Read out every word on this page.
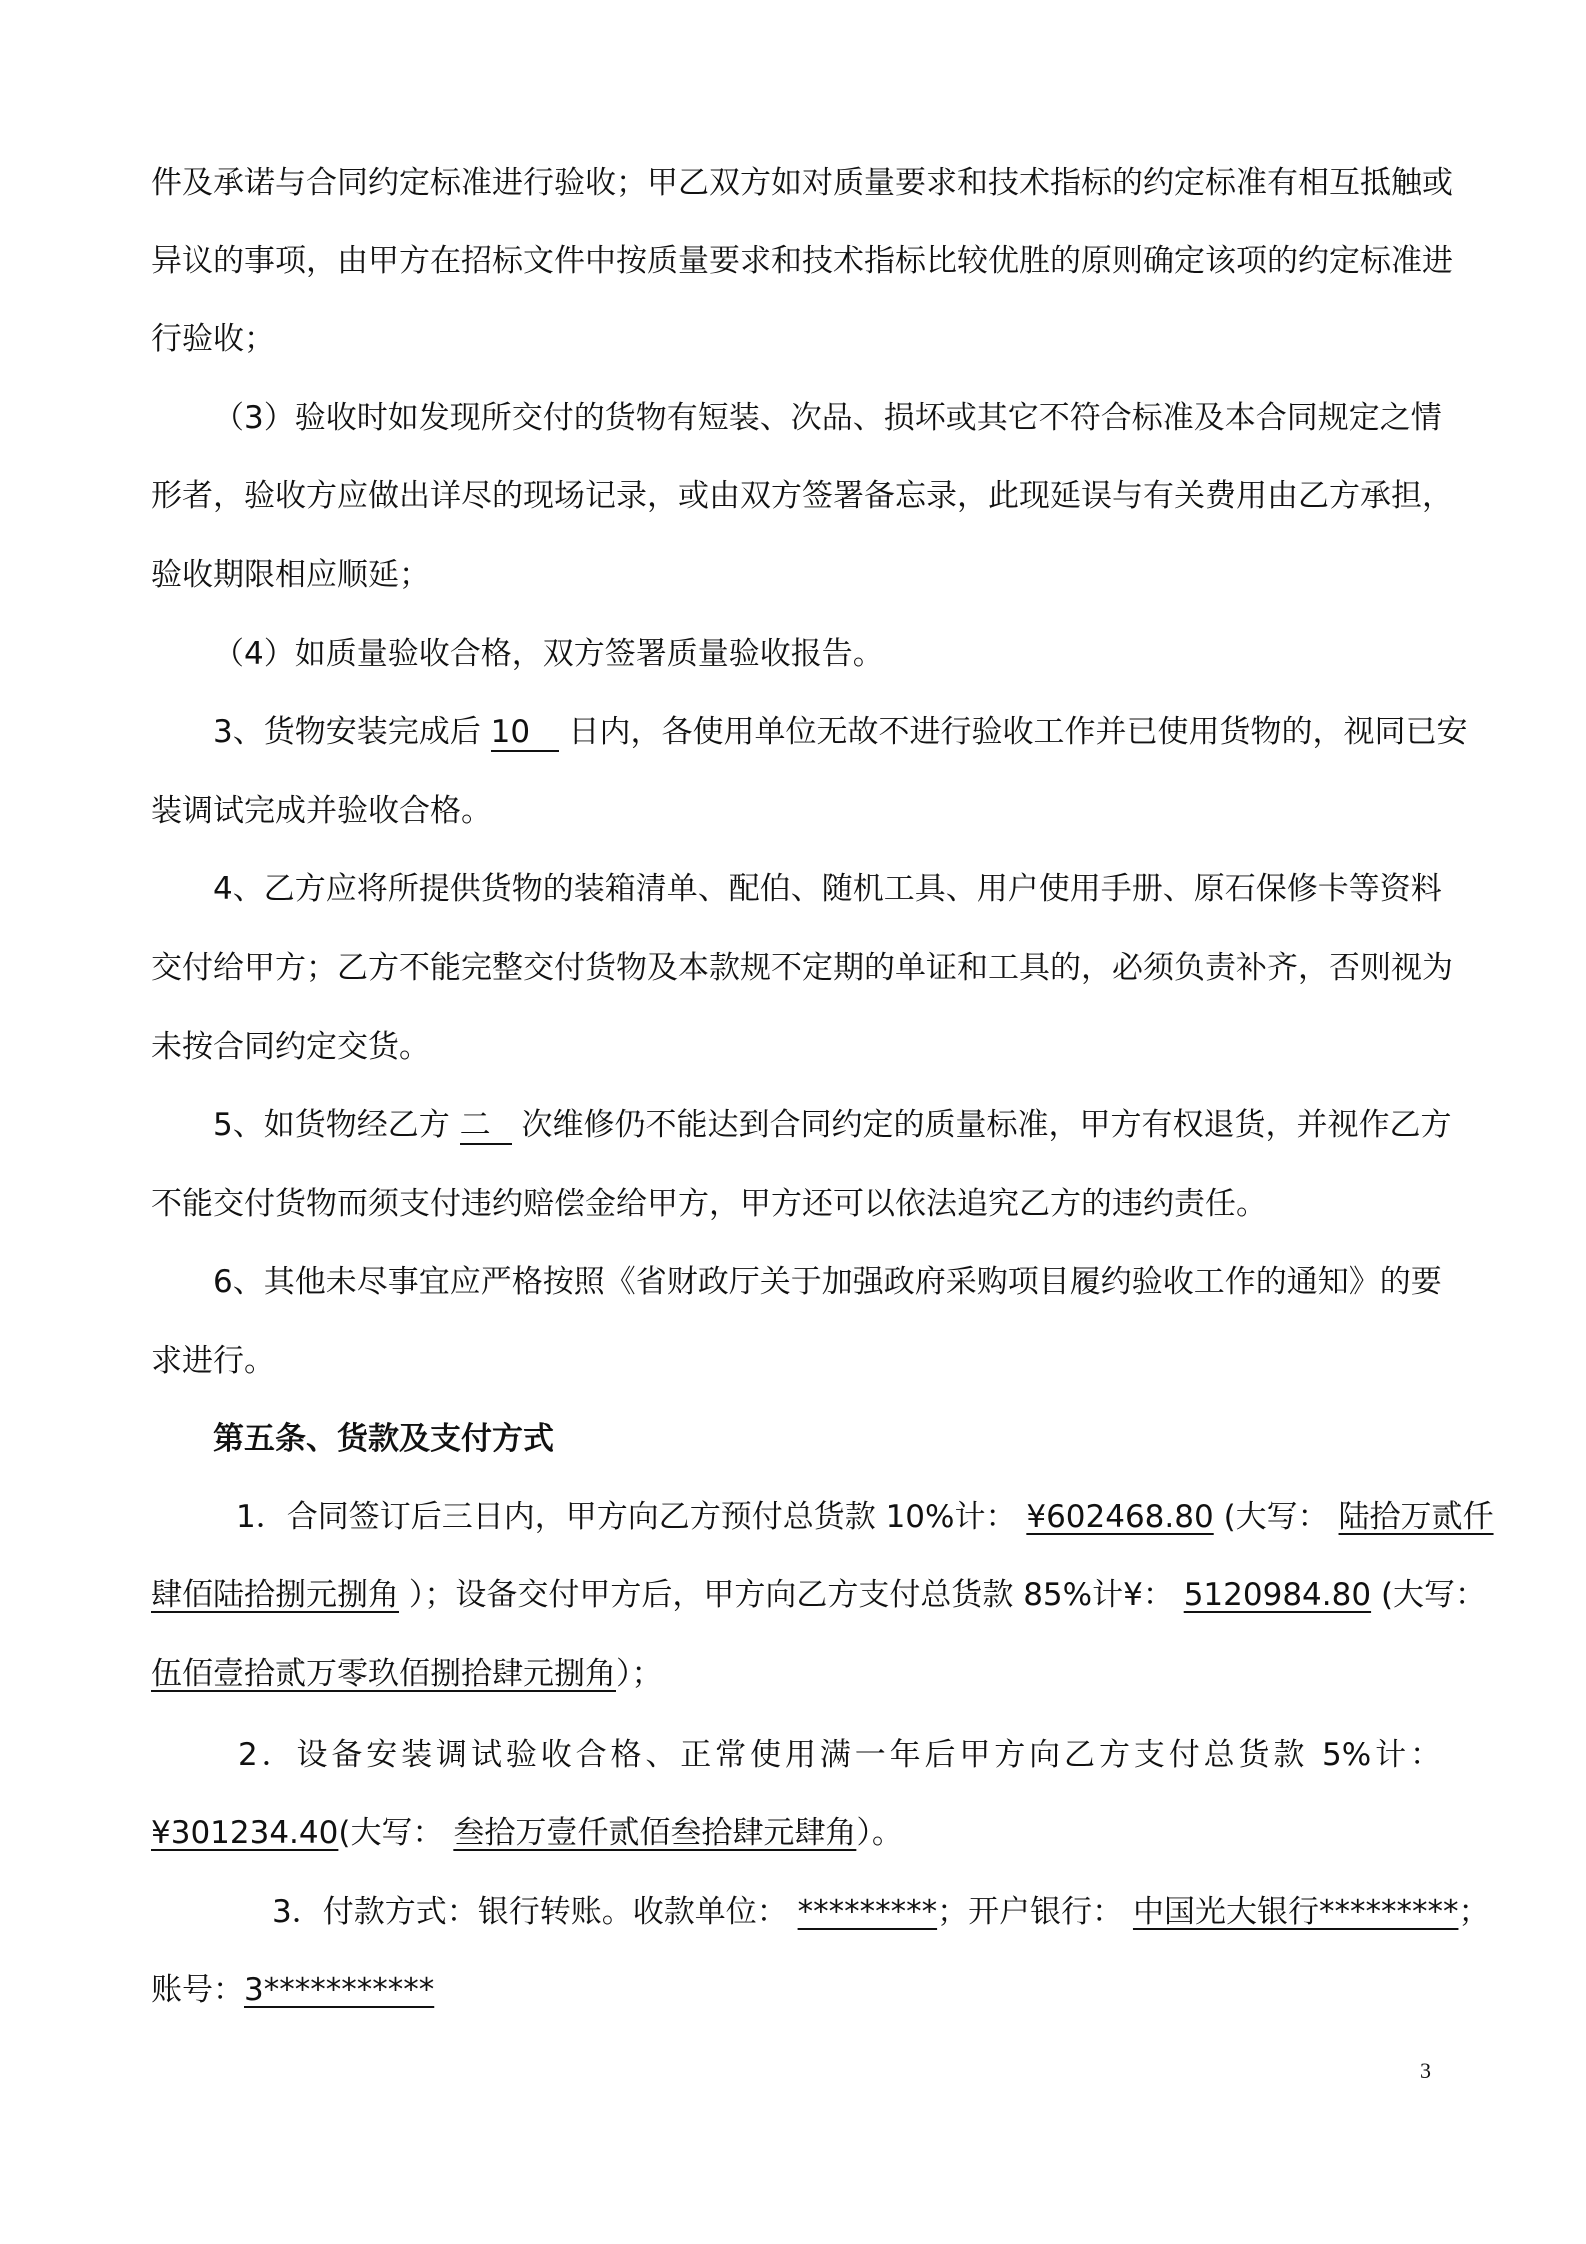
件及承诺与合同约定标准进行验收；甲乙双方如对质量要求和技术指标的约定标准有相互抵触或
异议的事项，由甲方在招标文件中按质量要求和技术指标比较优胜的原则确定该项的约定标准进
行验收；
（3）验收时如发现所交付的货物有短装、次品、损坏或其它不符合标准及本合同规定之情
形者，验收方应做出详尽的现场记录，或由双方签署备忘录，此现延误与有关费用由乙方承担，
验收期限相应顺延；
（4）如质量验收合格，双方签署质量验收报告。
3、货物安装完成后 10 日内，各使用单位无故不进行验收工作并已使用货物的，视同已安
装调试完成并验收合格。
4、乙方应将所提供货物的装箱清单、配伯、随机工具、用户使用手册、原石保修卡等资料
交付给甲方；乙方不能完整交付货物及本款规不定期的单证和工具的，必须负责补齐，否则视为
未按合同约定交货。
5、如货物经乙方 二 次维修仍不能达到合同约定的质量标准，甲方有权退货，并视作乙方
不能交付货物而须支付违约赔偿金给甲方，甲方还可以依法追究乙方的违约责任。
6、其他未尽事宜应严格按照《省财政厅关于加强政府采购项目履约验收工作的通知》的要
求进行。
第五条、货款及支付方式
1．合同签订后三日内，甲方向乙方预付总货款 10%计： ¥602468.80 (大写： 陆拾万贰仟
肆佰陆拾捌元捌角 ）；设备交付甲方后，甲方向乙方支付总货款 85%计¥： 5120984.80 (大写：
伍佰壹拾贰万零玖佰捌拾肆元捌角）；
2．设备安装调试验收合格、正常使用满一年后甲方向乙方支付总货款 5%计：
¥301234.40(大写： 叁拾万壹仟贰佰叁拾肆元肆角）。
3．付款方式：银行转账。收款单位： *********；开户银行： 中国光大银行*********；
账号：3***********
3
